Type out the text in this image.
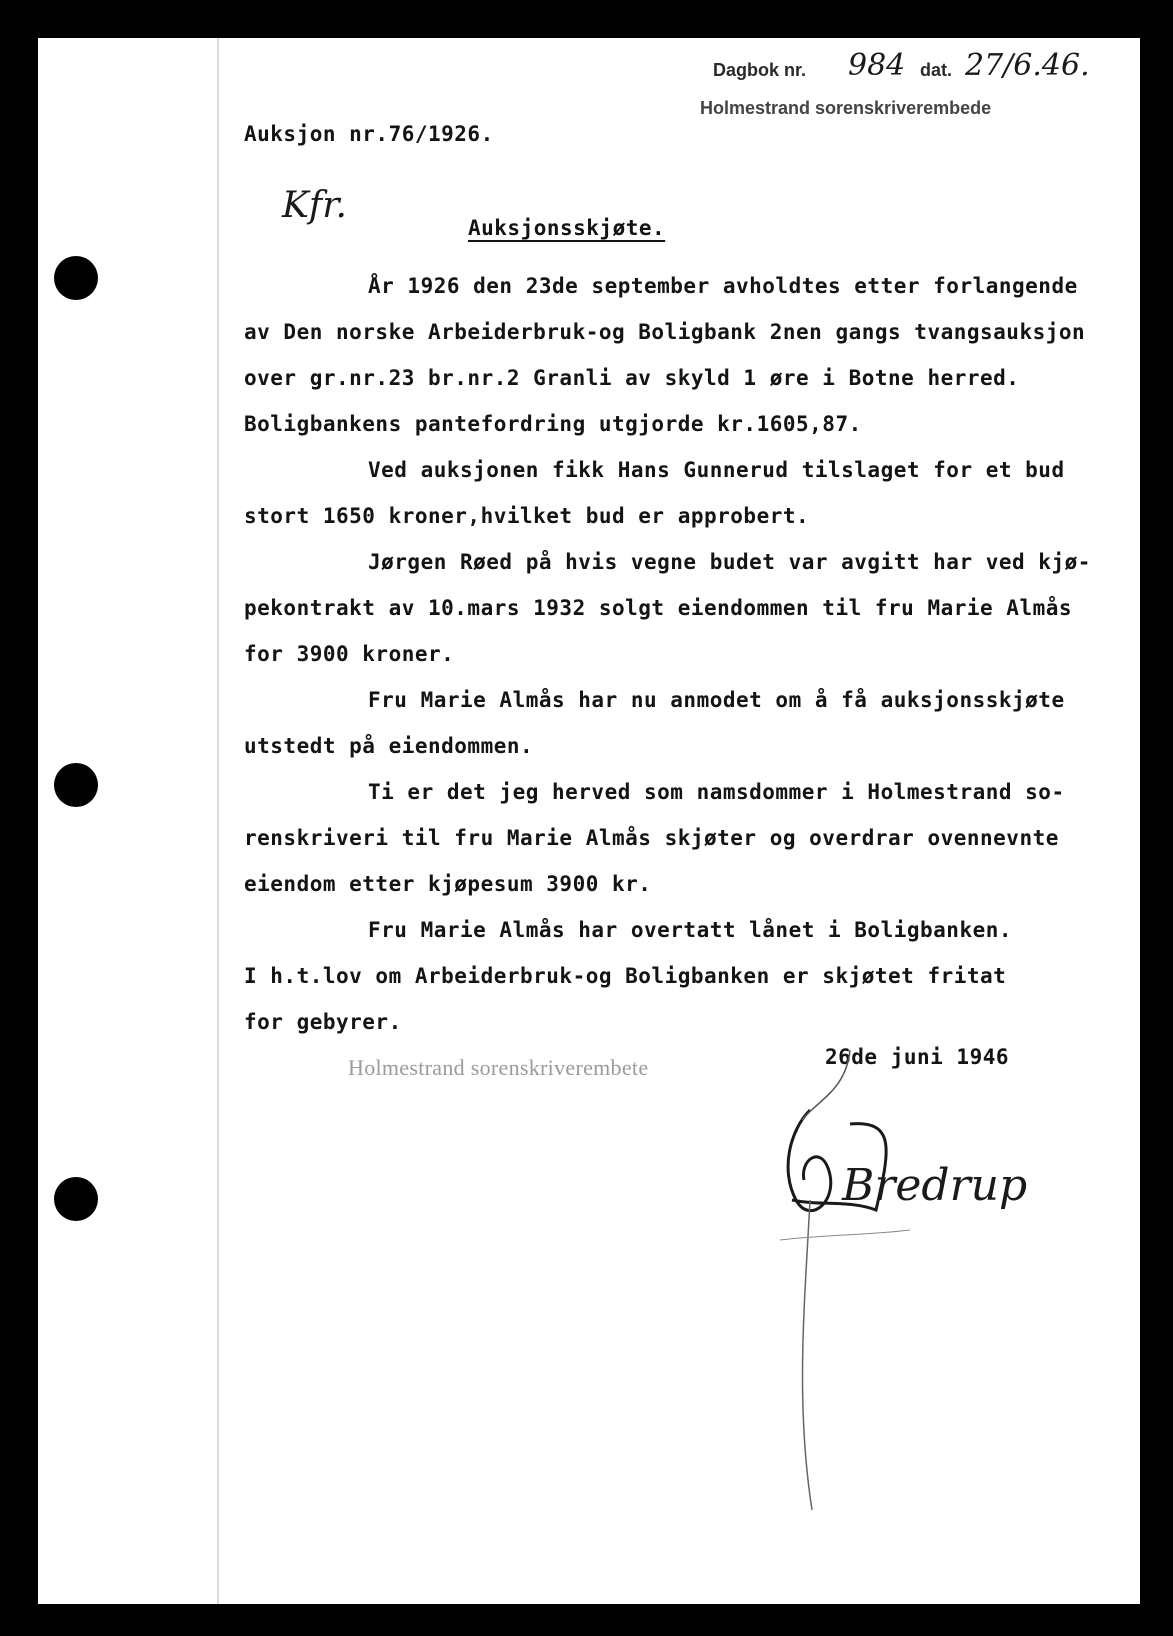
Dagbok nr. 984 dat. 27/6.46.
Holmestrand sorenskriverembede
Auksjon nr.76/1926.
Kfr.
Auksjonsskjøte.
År 1926 den 23de september avholdtes etter forlangende
av Den norske Arbeiderbruk-og Boligbank 2nen gangs tvangsauksjon
over gr.nr.23 br.nr.2 Granli av skyld 1 øre i Botne herred.
Boligbankens pantefordring utgjorde kr.1605,87.
Ved auksjonen fikk Hans Gunnerud tilslaget for et bud
stort 1650 kroner,hvilket bud er approbert.
Jørgen Røed på hvis vegne budet var avgitt har ved kjø-
pekontrakt av 10.mars 1932 solgt eiendommen til fru Marie Almås
for 3900 kroner.
Fru Marie Almås har nu anmodet om å få auksjonsskjøte
utstedt på eiendommen.
Ti er det jeg herved som namsdommer i Holmestrand so-
renskriveri til fru Marie Almås skjøter og overdrar ovennevnte
eiendom etter kjøpesum 3900 kr.
Fru Marie Almås har overtatt lånet i Boligbanken.
I h.t.lov om Arbeiderbruk-og Boligbanken er skjøtet fritat
for gebyrer.
Holmestrand sorenskriverembete	26de juni 1946
Bredrup
